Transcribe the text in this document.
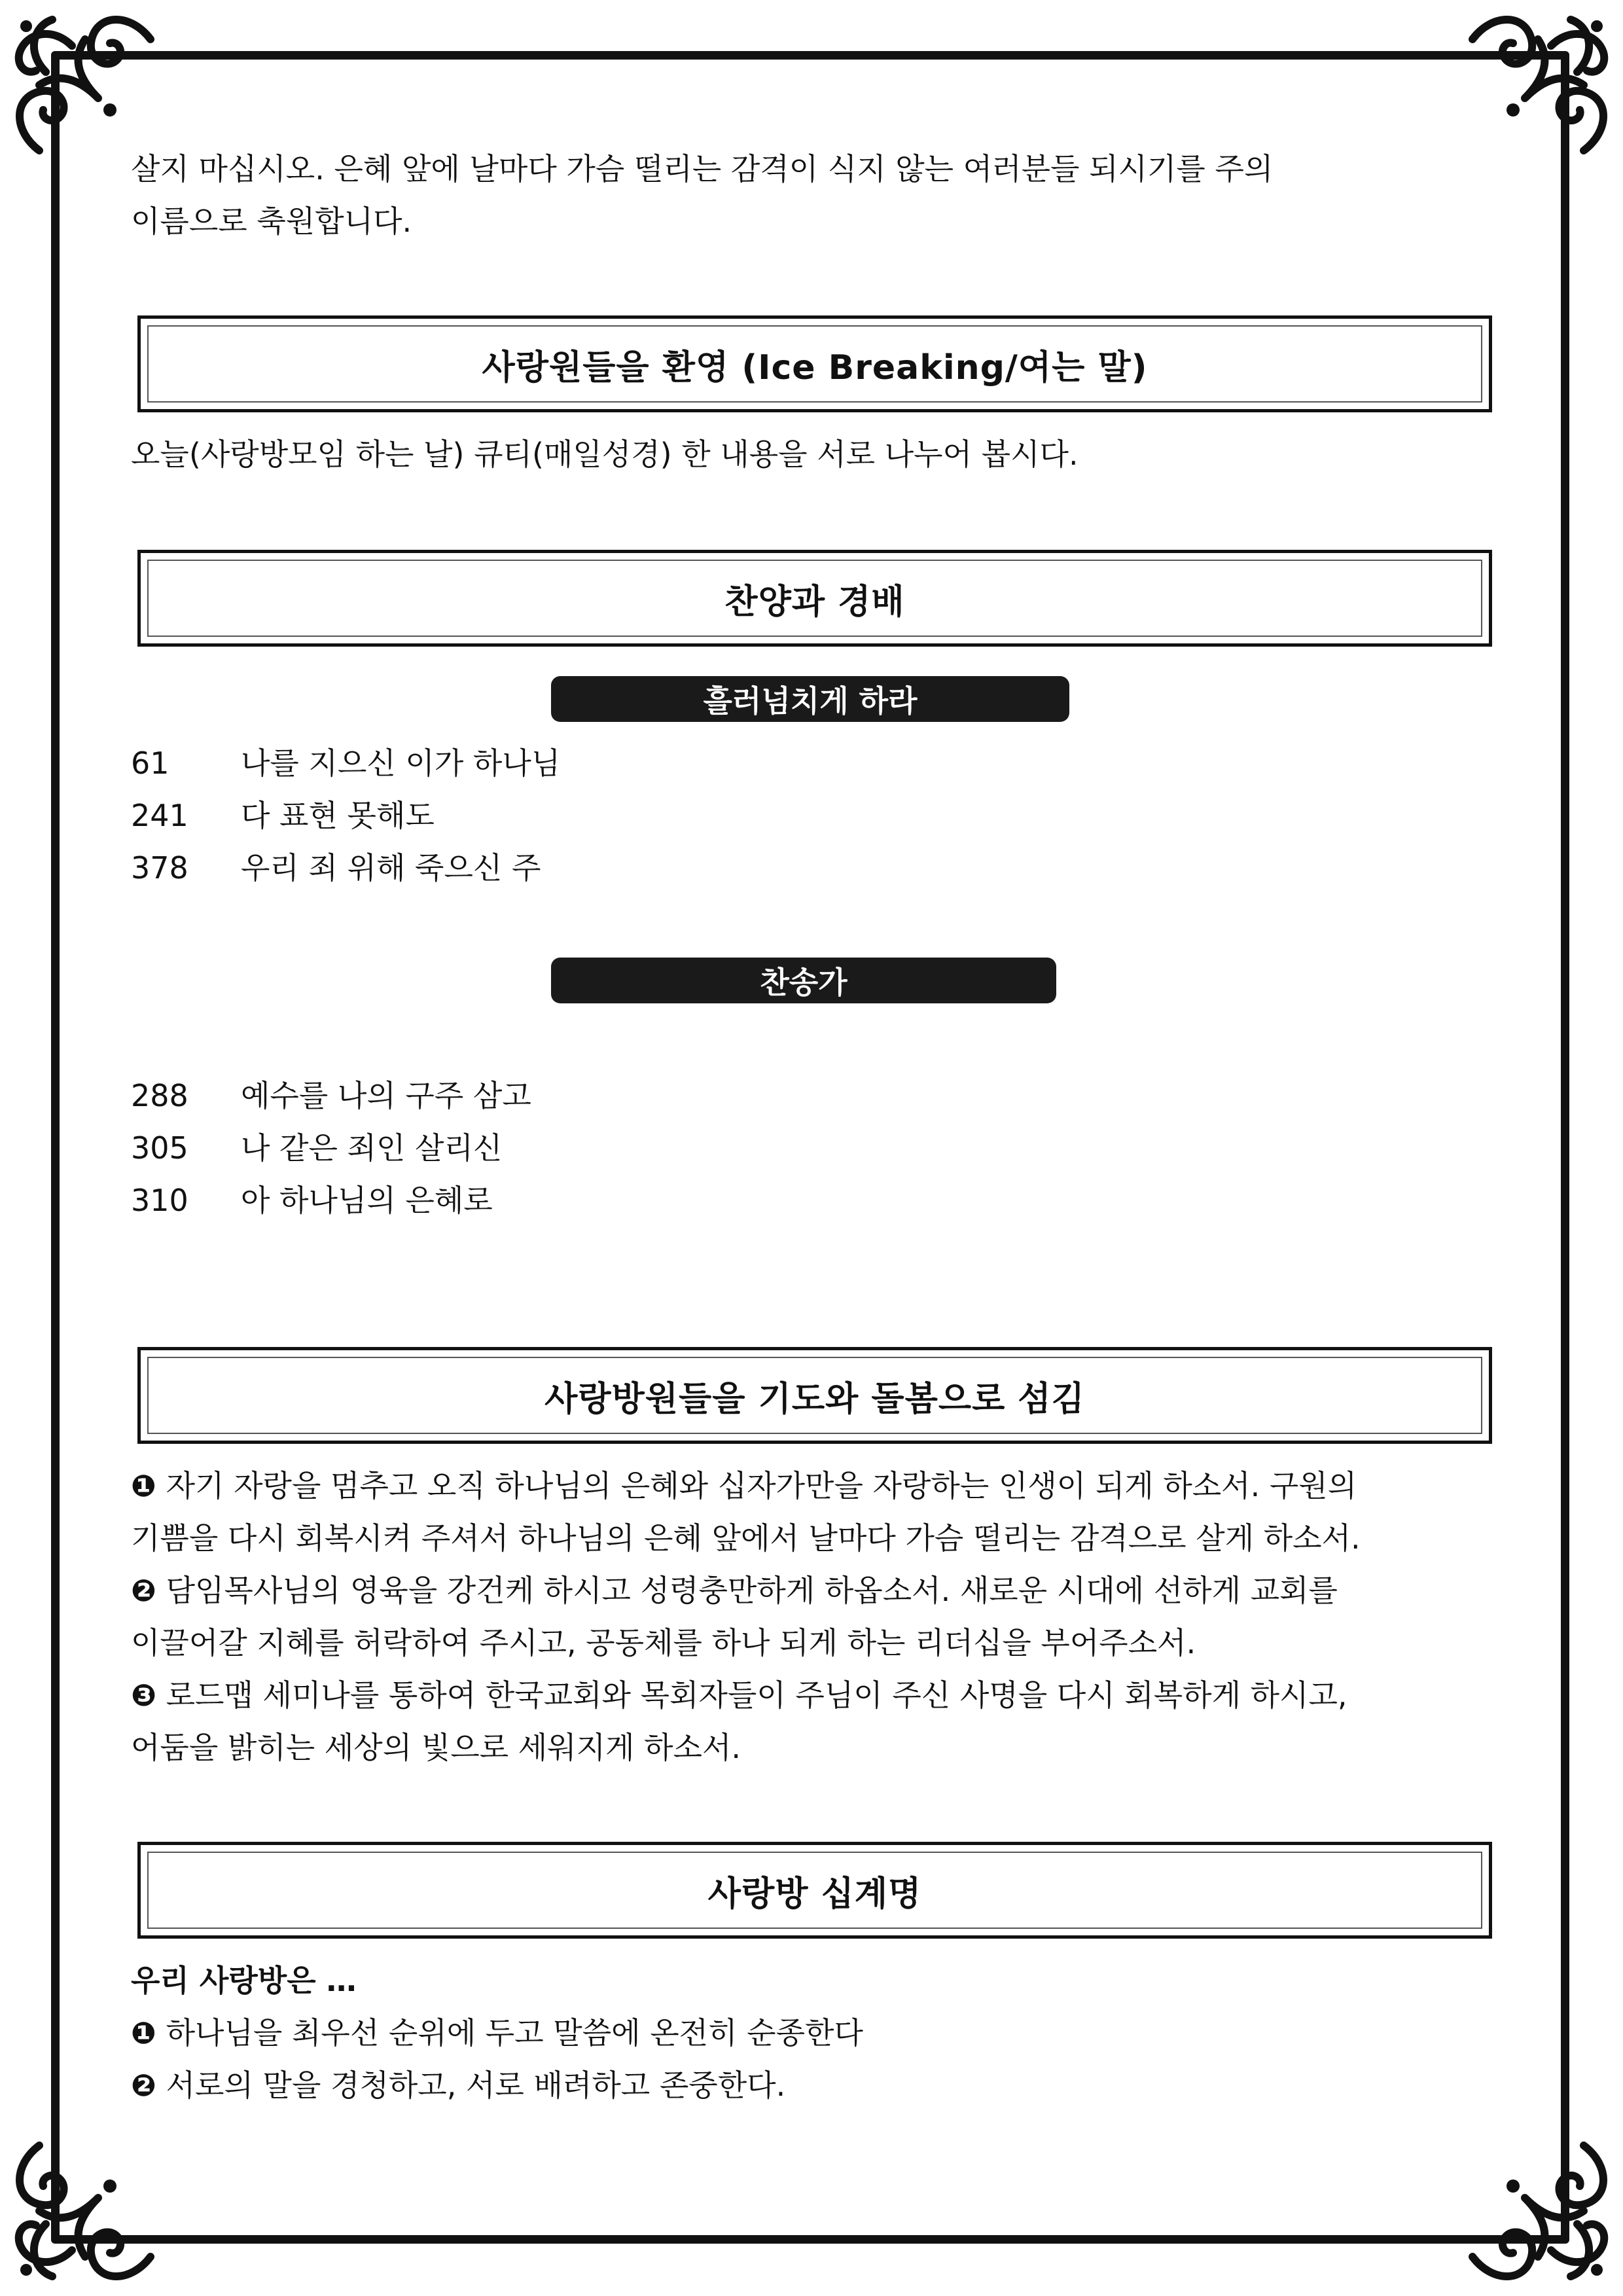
살지 마십시오. 은혜 앞에 날마다 가슴 떨리는 감격이 식지 않는 여러분들 되시기를 주의
이름으로 축원합니다.
사랑원들을 환영 (Ice Breaking/여는 말)
오늘(사랑방모임 하는 날) 큐티(매일성경) 한 내용을 서로 나누어 봅시다.
찬양과 경배
흘러넘치게 하라
61 나를 지으신 이가 하나님
241 다 표현 못해도
378 우리 죄 위해 죽으신 주
찬송가
288 예수를 나의 구주 삼고
305 나 같은 죄인 살리신
310 아 하나님의 은혜로
사랑방원들을 기도와 돌봄으로 섬김
❶ 자기 자랑을 멈추고 오직 하나님의 은혜와 십자가만을 자랑하는 인생이 되게 하소서. 구원의
기쁨을 다시 회복시켜 주셔서 하나님의 은혜 앞에서 날마다 가슴 떨리는 감격으로 살게 하소서.
❷ 담임목사님의 영육을 강건케 하시고 성령충만하게 하옵소서. 새로운 시대에 선하게 교회를
이끌어갈 지혜를 허락하여 주시고, 공동체를 하나 되게 하는 리더십을 부어주소서.
❸ 로드맵 세미나를 통하여 한국교회와 목회자들이 주님이 주신 사명을 다시 회복하게 하시고,
어둠을 밝히는 세상의 빛으로 세워지게 하소서.
사랑방 십계명
우리 사랑방은 …
❶ 하나님을 최우선 순위에 두고 말씀에 온전히 순종한다
❷ 서로의 말을 경청하고, 서로 배려하고 존중한다.
